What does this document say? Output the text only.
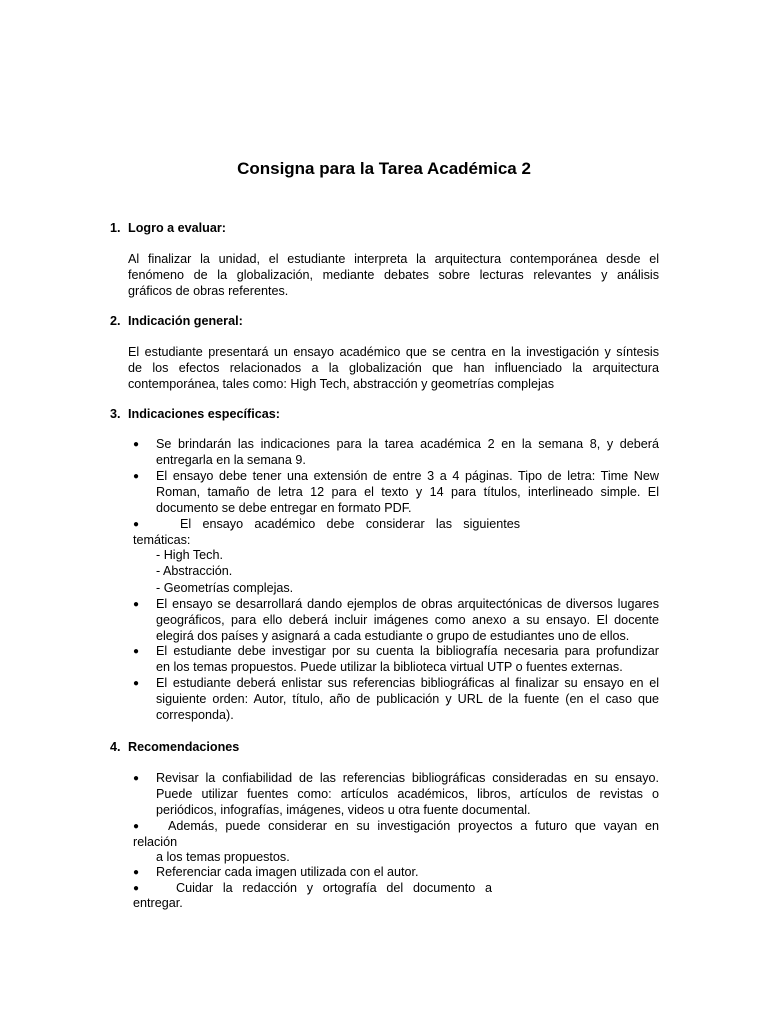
Consigna para la Tarea Académica 2
1. Logro a evaluar:
Al finalizar la unidad, el estudiante interpreta la arquitectura contemporánea desde el
fenómeno de la globalización, mediante debates sobre lecturas relevantes y análisis
gráficos de obras referentes.
2. Indicación general:
El estudiante presentará un ensayo académico que se centra en la investigación y síntesis
de los efectos relacionados a la globalización que han influenciado la arquitectura
contemporánea, tales como: High Tech, abstracción y geometrías complejas
3. Indicaciones específicas:
● Se brindarán las indicaciones para la tarea académica 2 en la semana 8, y deberá
entregarla en la semana 9.
● El ensayo debe tener una extensión de entre 3 a 4 páginas. Tipo de letra: Time New
Roman, tamaño de letra 12 para el texto y 14 para títulos, interlineado simple. El
documento se debe entregar en formato PDF.
●	El ensayo académico debe considerar las siguientes
temáticas:
- High Tech.
- Abstracción.
- Geometrías complejas.
● El ensayo se desarrollará dando ejemplos de obras arquitectónicas de diversos lugares
geográficos, para ello deberá incluir imágenes como anexo a su ensayo. El docente
elegirá dos países y asignará a cada estudiante o grupo de estudiantes uno de ellos.
● El estudiante debe investigar por su cuenta la bibliografía necesaria para profundizar
en los temas propuestos. Puede utilizar la biblioteca virtual UTP o fuentes externas.
● El estudiante deberá enlistar sus referencias bibliográficas al finalizar su ensayo en el
siguiente orden: Autor, título, año de publicación y URL de la fuente (en el caso que
corresponda).
4. Recomendaciones
● Revisar la confiabilidad de las referencias bibliográficas consideradas en su ensayo.
Puede utilizar fuentes como: artículos académicos, libros, artículos de revistas o
periódicos, infografías, imágenes, videos u otra fuente documental.
● Además, puede considerar en su investigación proyectos a futuro que vayan en
relación
a los temas propuestos.
● Referenciar cada imagen utilizada con el autor.
●	Cuidar la redacción y ortografía del documento a
entregar.
